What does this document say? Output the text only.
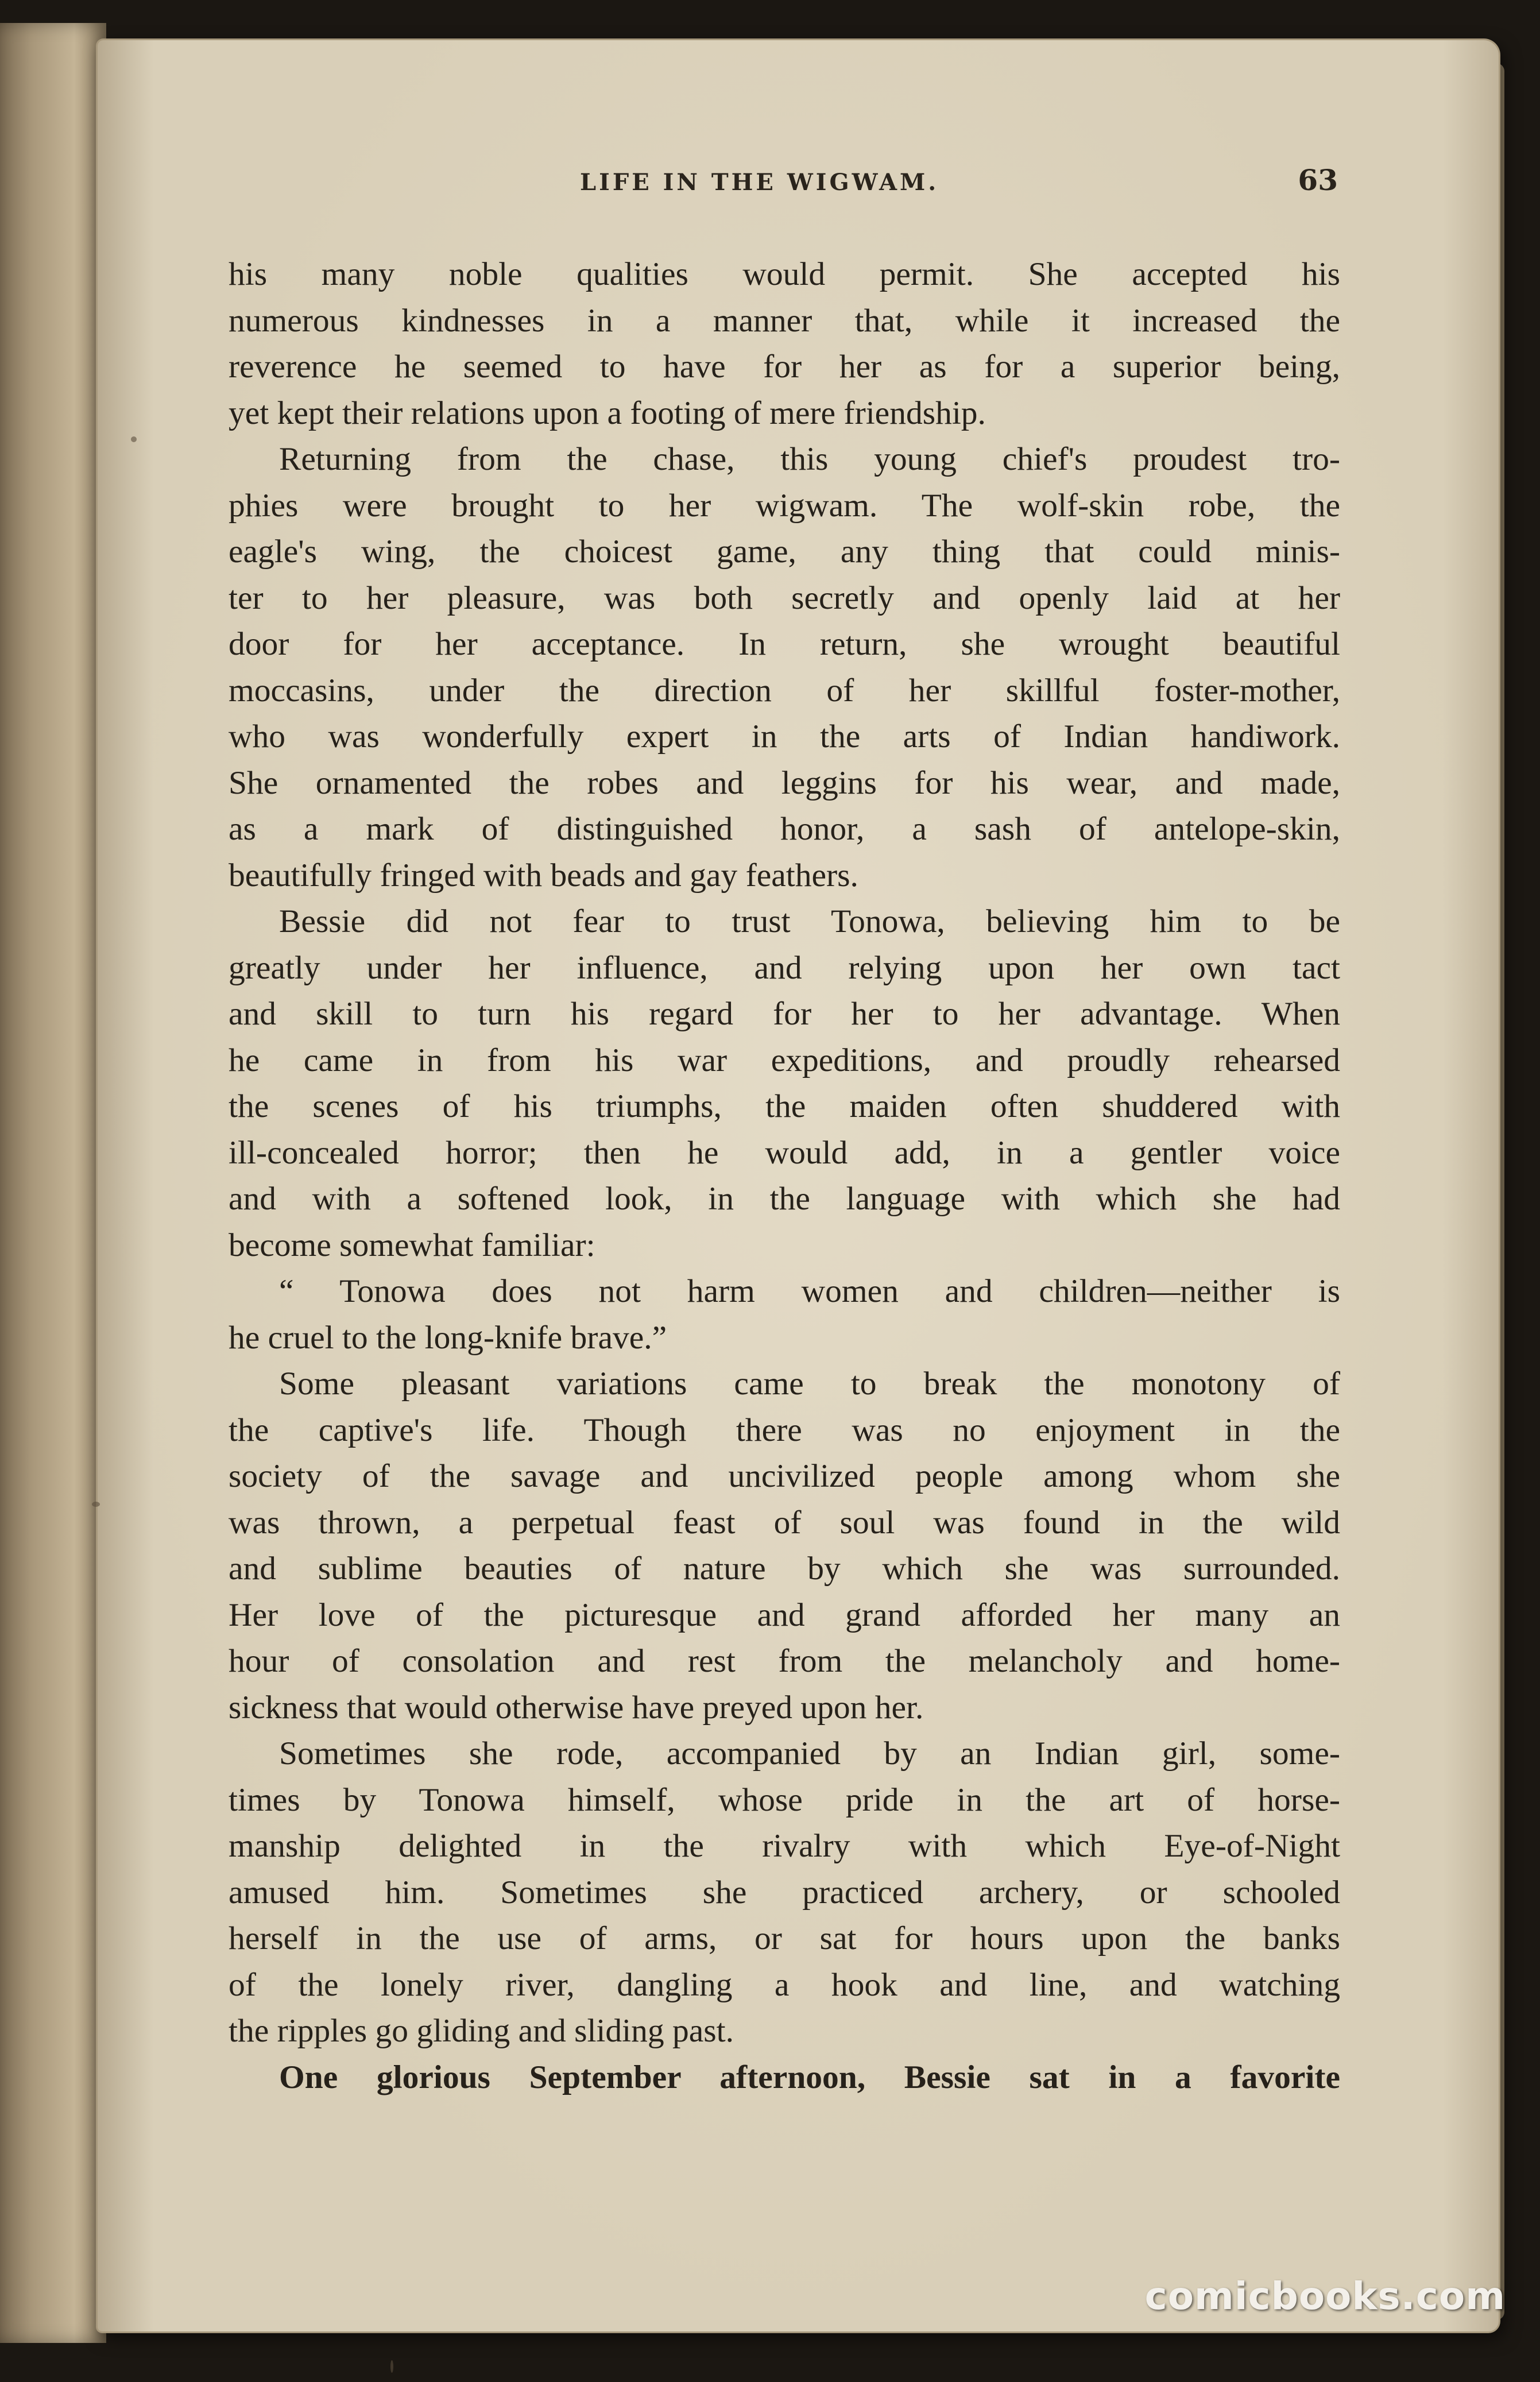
LIFE IN THE WIGWAM.	63
his many noble qualities would permit. She accepted his
numerous kindnesses in a manner that, while it increased the
reverence he seemed to have for her as for a superior being,
yet kept their relations upon a footing of mere friendship.
Returning from the chase, this young chief's proudest tro-
phies were brought to her wigwam. The wolf-skin robe, the
eagle's wing, the choicest game, any thing that could minis-
ter to her pleasure, was both secretly and openly laid at her
door for her acceptance. In return, she wrought beautiful
moccasins, under the direction of her skillful foster-mother,
who was wonderfully expert in the arts of Indian handiwork.
She ornamented the robes and leggins for his wear, and made,
as a mark of distinguished honor, a sash of antelope-skin,
beautifully fringed with beads and gay feathers.
Bessie did not fear to trust Tonowa, believing him to be
greatly under her influence, and relying upon her own tact
and skill to turn his regard for her to her advantage. When
he came in from his war expeditions, and proudly rehearsed
the scenes of his triumphs, the maiden often shuddered with
ill-concealed horror; then he would add, in a gentler voice
and with a softened look, in the language with which she had
become somewhat familiar:
“ Tonowa does not harm women and children—neither is
he cruel to the long-knife brave.”
Some pleasant variations came to break the monotony of
the captive's life. Though there was no enjoyment in the
society of the savage and uncivilized people among whom she
was thrown, a perpetual feast of soul was found in the wild
and sublime beauties of nature by which she was surrounded.
Her love of the picturesque and grand afforded her many an
hour of consolation and rest from the melancholy and home-
sickness that would otherwise have preyed upon her.
Sometimes she rode, accompanied by an Indian girl, some-
times by Tonowa himself, whose pride in the art of horse-
manship delighted in the rivalry with which Eye-of-Night
amused him. Sometimes she practiced archery, or schooled
herself in the use of arms, or sat for hours upon the banks
of the lonely river, dangling a hook and line, and watching
the ripples go gliding and sliding past.
One glorious September afternoon, Bessie sat in a favorite
comicbooks.com
